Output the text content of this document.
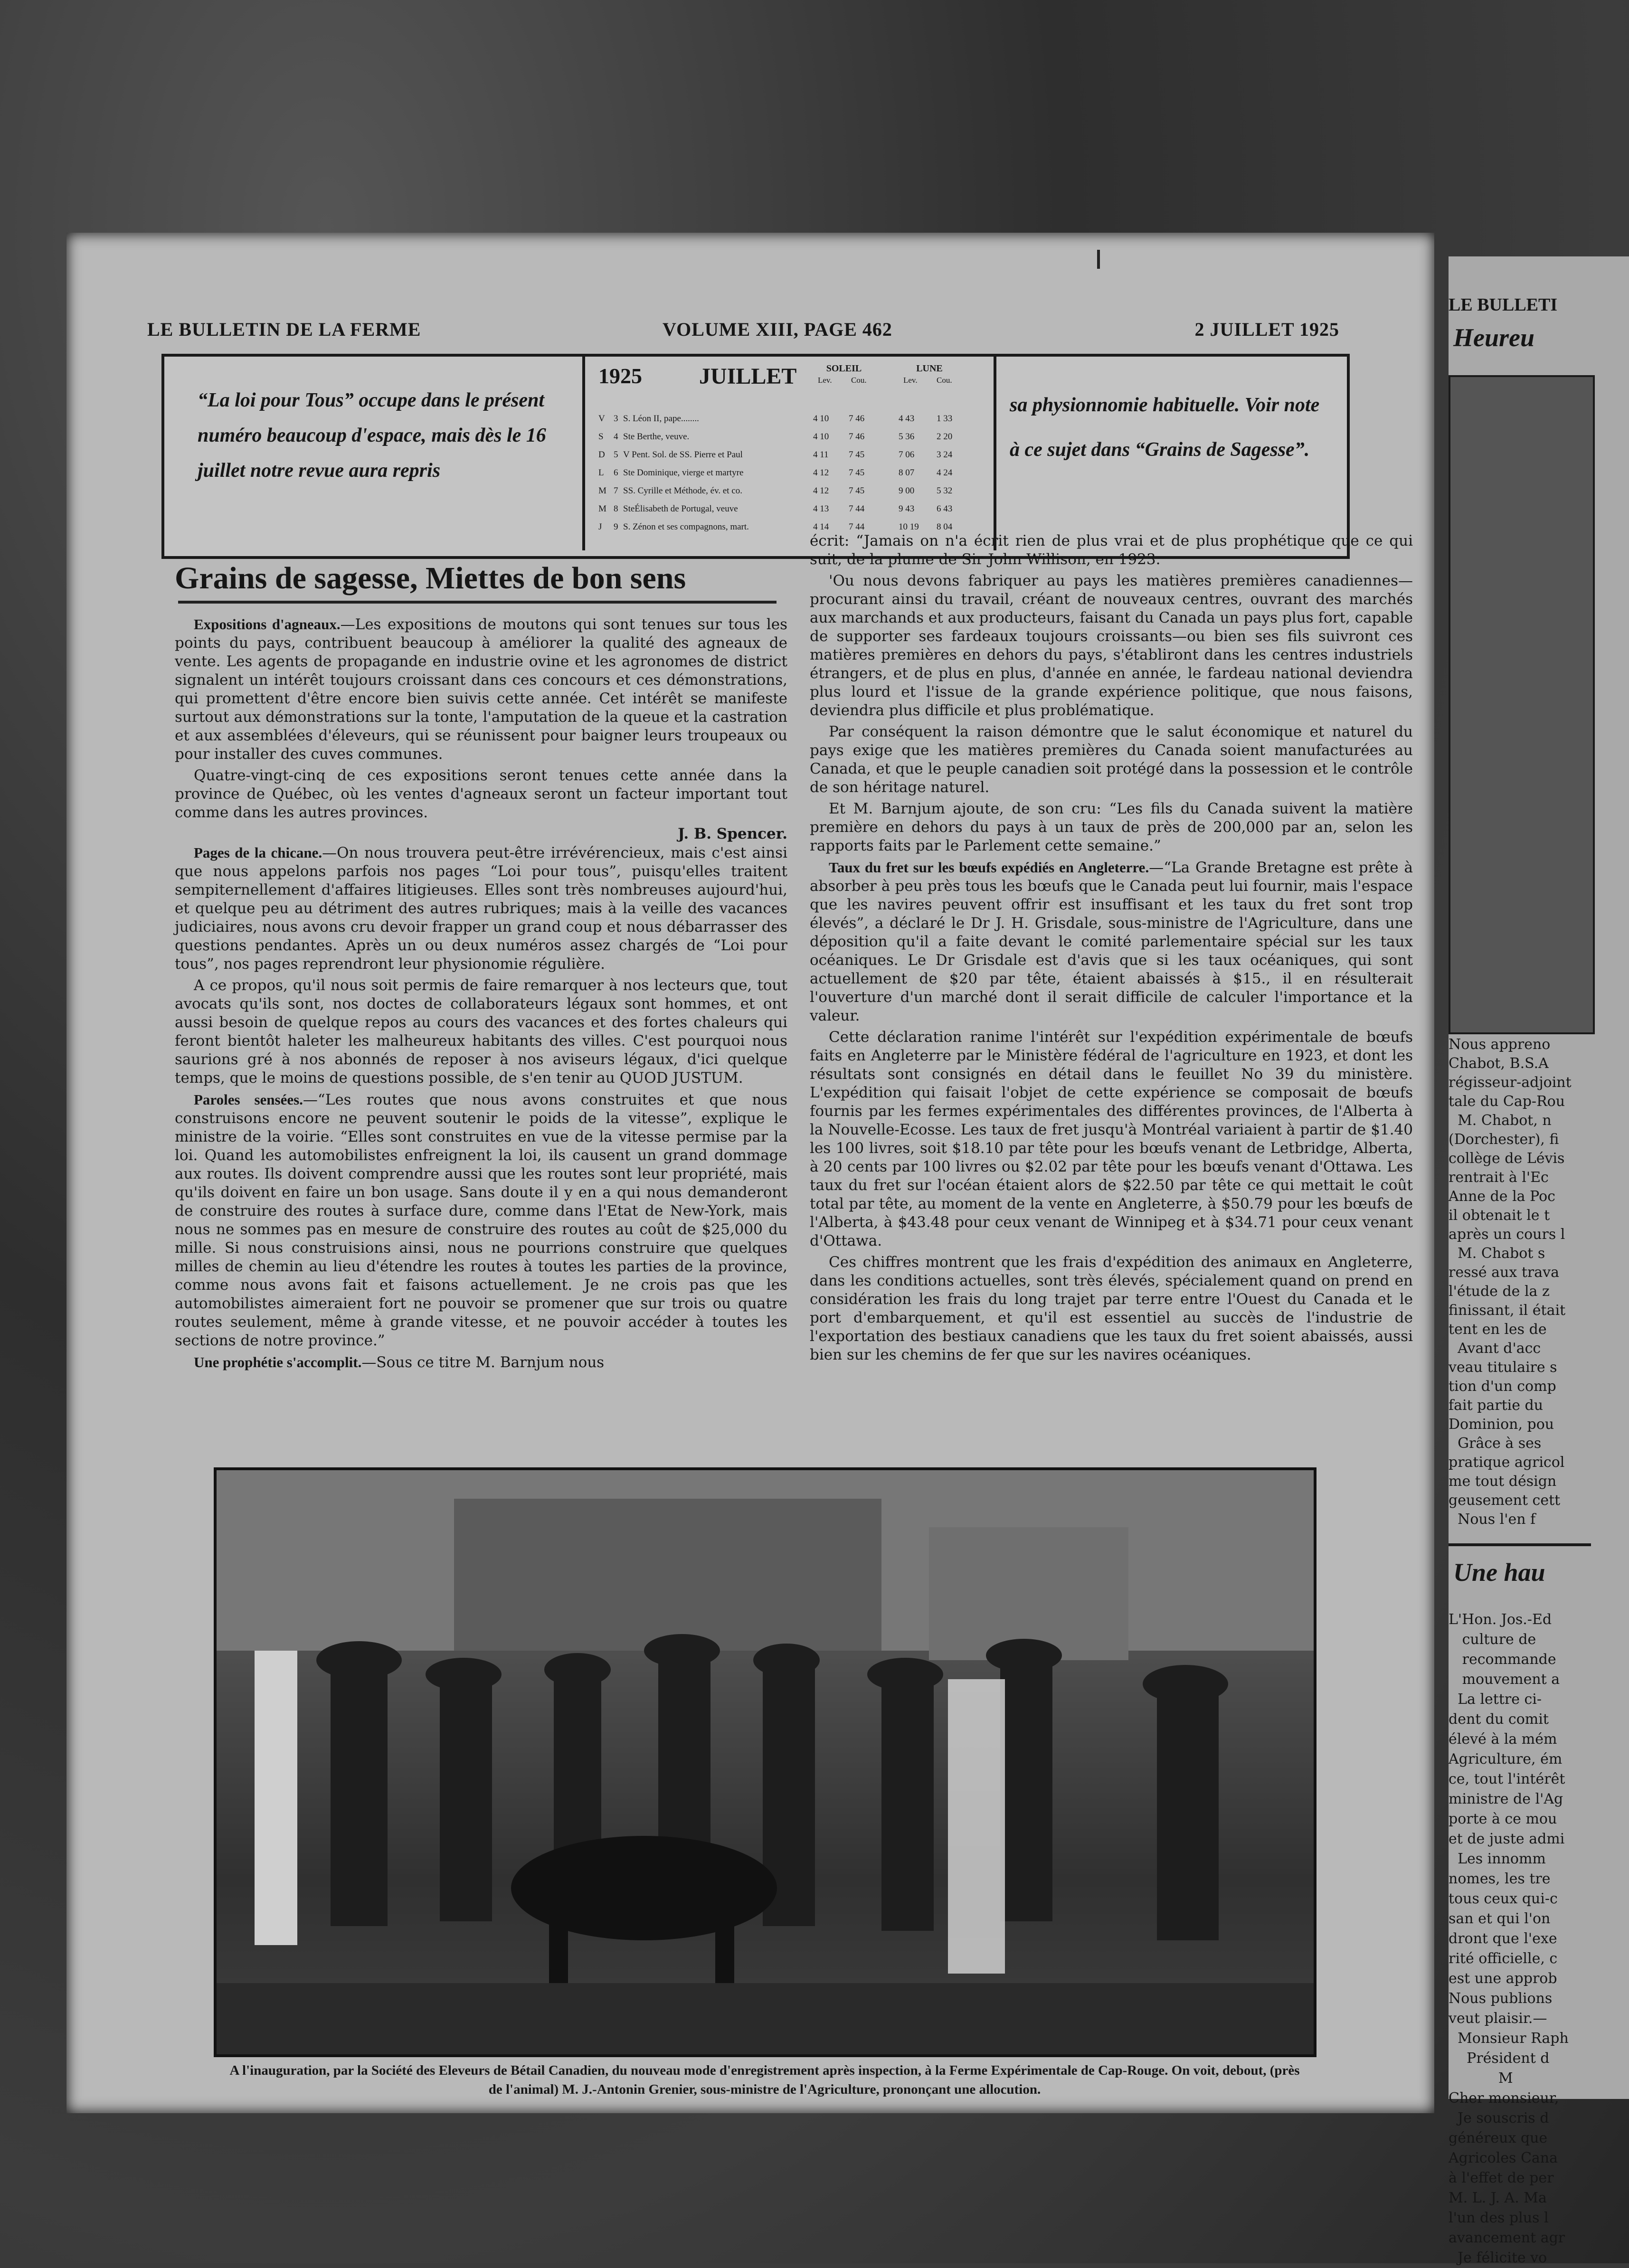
LE BULLETIN DE LA FERME	VOLUME XIII, PAGE 462	2 JUILLET 1925
“La loi pour Tous” occupe dans le présent numéro beaucoup d'espace, mais dès le 16 juillet notre revue aura repris
1925	JUILLET	SOLEIL	LUNE
Lev. Cou.	Lev. Cou.
V 3 S. Léon II, pape........	4 10 7 46	4 43 1 33
S 4 Ste Berthe, veuve.	4 10 7 46	5 36 2 20
D 5 V Pent. Sol. de SS. Pierre et Paul	4 11 7 45	7 06 3 24
L 6 Ste Dominique, vierge et martyre	4 12 7 45	8 07 4 24
M 7 SS. Cyrille et Méthode, év. et co.	4 12 7 45	9 00 5 32
M 8 SteÉlisabeth de Portugal, veuve	4 13 7 44	9 43 6 43
J 9 S. Zénon et ses compagnons, mart.	4 14 7 44	10 19 8 04
sa physionnomie habituelle. Voir note à ce sujet dans “Grains de Sagesse”.
Grains de sagesse, Miettes de bon sens

Expositions d'agneaux.—Les expositions de moutons qui sont tenues sur tous les points du pays, contribuent beaucoup à améliorer la qualité des agneaux de vente. Les agents de propagande en industrie ovine et les agronomes de district signalent un intérêt toujours croissant dans ces concours et ces démonstrations, qui promettent d'être encore bien suivis cette année. Cet intérêt se manifeste surtout aux démonstrations sur la tonte, l'amputation de la queue et la castration et aux assemblées d'éleveurs, qui se réunissent pour baigner leurs troupeaux ou pour installer des cuves communes.

Quatre-vingt-cinq de ces expositions seront tenues cette année dans la province de Québec, où les ventes d'agneaux seront un facteur important tout comme dans les autres provinces.

J. B. Spencer.

Pages de la chicane.—On nous trouvera peut-être irrévérencieux, mais c'est ainsi que nous appelons parfois nos pages “Loi pour tous”, puisqu'elles traitent sempiternellement d'affaires litigieuses. Elles sont très nombreuses aujourd'hui, et quelque peu au détriment des autres rubriques; mais à la veille des vacances judiciaires, nous avons cru devoir frapper un grand coup et nous débarrasser des questions pendantes. Après un ou deux numéros assez chargés de “Loi pour tous”, nos pages reprendront leur physionomie régulière.

A ce propos, qu'il nous soit permis de faire remarquer à nos lecteurs que, tout avocats qu'ils sont, nos doctes de collaborateurs légaux sont hommes, et ont aussi besoin de quelque repos au cours des vacances et des fortes chaleurs qui feront bientôt haleter les malheureux habitants des villes. C'est pourquoi nous saurions gré à nos abonnés de reposer à nos aviseurs légaux, d'ici quelque temps, que le moins de questions possible, de s'en tenir au QUOD JUSTUM.

Paroles sensées.—“Les routes que nous avons construites et que nous construisons encore ne peuvent soutenir le poids de la vitesse”, explique le ministre de la voirie. “Elles sont construites en vue de la vitesse permise par la loi. Quand les automobilistes enfreignent la loi, ils causent un grand dommage aux routes. Ils doivent comprendre aussi que les routes sont leur propriété, mais qu'ils doivent en faire un bon usage. Sans doute il y en a qui nous demanderont de construire des routes à surface dure, comme dans l'Etat de New-York, mais nous ne sommes pas en mesure de construire des routes au coût de $25,000 du mille. Si nous construisions ainsi, nous ne pourrions construire que quelques milles de chemin au lieu d'étendre les routes à toutes les parties de la province, comme nous avons fait et faisons actuellement. Je ne crois pas que les automobilistes aimeraient fort ne pouvoir se promener que sur trois ou quatre routes seulement, même à grande vitesse, et ne pouvoir accéder à toutes les sections de notre province.”

Une prophétie s'accomplit.—Sous ce titre M. Barnjum nous

écrit: “Jamais on n'a écrit rien de plus vrai et de plus prophétique que ce qui suit, de la plume de Sir John Willison, en 1923.

'Ou nous devons fabriquer au pays les matières premières canadiennes—procurant ainsi du travail, créant de nouveaux centres, ouvrant des marchés aux marchands et aux producteurs, faisant du Canada un pays plus fort, capable de supporter ses fardeaux toujours croissants—ou bien ses fils suivront ces matières premières en dehors du pays, s'établiront dans les centres industriels étrangers, et de plus en plus, d'année en année, le fardeau national deviendra plus lourd et l'issue de la grande expérience politique, que nous faisons, deviendra plus difficile et plus problématique.

Par conséquent la raison démontre que le salut économique et naturel du pays exige que les matières premières du Canada soient manufacturées au Canada, et que le peuple canadien soit protégé dans la possession et le contrôle de son héritage naturel.

Et M. Barnjum ajoute, de son cru: “Les fils du Canada suivent la matière première en dehors du pays à un taux de près de 200,000 par an, selon les rapports faits par le Parlement cette semaine.”

Taux du fret sur les bœufs expédiés en Angleterre.—“La Grande Bretagne est prête à absorber à peu près tous les bœufs que le Canada peut lui fournir, mais l'espace que les navires peuvent offrir est insuffisant et les taux du fret sont trop élevés”, a déclaré le Dr J. H. Grisdale, sous-ministre de l'Agriculture, dans une déposition qu'il a faite devant le comité parlementaire spécial sur les taux océaniques. Le Dr Grisdale est d'avis que si les taux océaniques, qui sont actuellement de $20 par tête, étaient abaissés à $15., il en résulterait l'ouverture d'un marché dont il serait difficile de calculer l'importance et la valeur.

Cette déclaration ranime l'intérêt sur l'expédition expérimentale de bœufs faits en Angleterre par le Ministère fédéral de l'agriculture en 1923, et dont les résultats sont consignés en détail dans le feuillet No 39 du ministère. L'expédition qui faisait l'objet de cette expérience se composait de bœufs fournis par les fermes expérimentales des différentes provinces, de l'Alberta à la Nouvelle-Ecosse. Les taux de fret jusqu'à Montréal variaient à partir de $1.40 les 100 livres, soit $18.10 par tête pour les bœufs venant de Letbridge, Alberta, à 20 cents par 100 livres ou $2.02 par tête pour les bœufs venant d'Ottawa. Les taux du fret sur l'océan étaient alors de $22.50 par tête ce qui mettait le coût total par tête, au moment de la vente en Angleterre, à $50.79 pour les bœufs de l'Alberta, à $43.48 pour ceux venant de Winnipeg et à $34.71 pour ceux venant d'Ottawa.

Ces chiffres montrent que les frais d'expédition des animaux en Angleterre, dans les conditions actuelles, sont très élevés, spécialement quand on prend en considération les frais du long trajet par terre entre l'Ouest du Canada et le port d'embarquement, et qu'il est essentiel au succès de l'industrie de l'exportation des bestiaux canadiens que les taux du fret soient abaissés, aussi bien sur les chemins de fer que sur les navires océaniques.

A l'inauguration, par la Société des Eleveurs de Bétail Canadien, du nouveau mode d'enregistrement après inspection, à la Ferme Expérimentale de Cap-Rouge. On voit, debout, (près de l'animal) M. J.-Antonin Grenier, sous-ministre de l'Agriculture, prononçant une allocution.
LE BULLETI
Heureu
Nous apprenо
Chabot, B.S.A
régisseur-adjoint
tale du Cap-Rou
M. Chabot, n
(Dorchester), fi
collège de Lévis
rentrait à l'Ec
Anne de la Poc
il obtenait le t
après un cours l
M. Chabot s
ressé aux trava
l'étude de la z
finissant, il était
tent en les de
Avant d'acc
veau titulaire s
tion d'un comp
fait partie du
Dominion, pou
Grâce à ses
pratique agricol
me tout désign
geusement cett
Nous l'en f
Une hau
L'Hon. Jos.-Ed
culture de
recommande
mouvement a
La lettre ci-
dent du comit
élevé à la mém
Agriculture, ém
ce, tout l'intérêt
ministre de l'Ag
porte à ce mou
et de juste admi
Les innomm
nomes, les tre
tous ceux qui-c
san et qui l'on
dront que l'exe
rité officielle, c
est une approb
Nous publions
veut plaisir.—
Monsieur Raph
Président d
M
Cher monsieur,
Je souscris d
généreux que
Agricoles Cana
à l'effet de per
M. L. J. A. Ma
l'un des plus l
avancement agr
Je félicite vo
